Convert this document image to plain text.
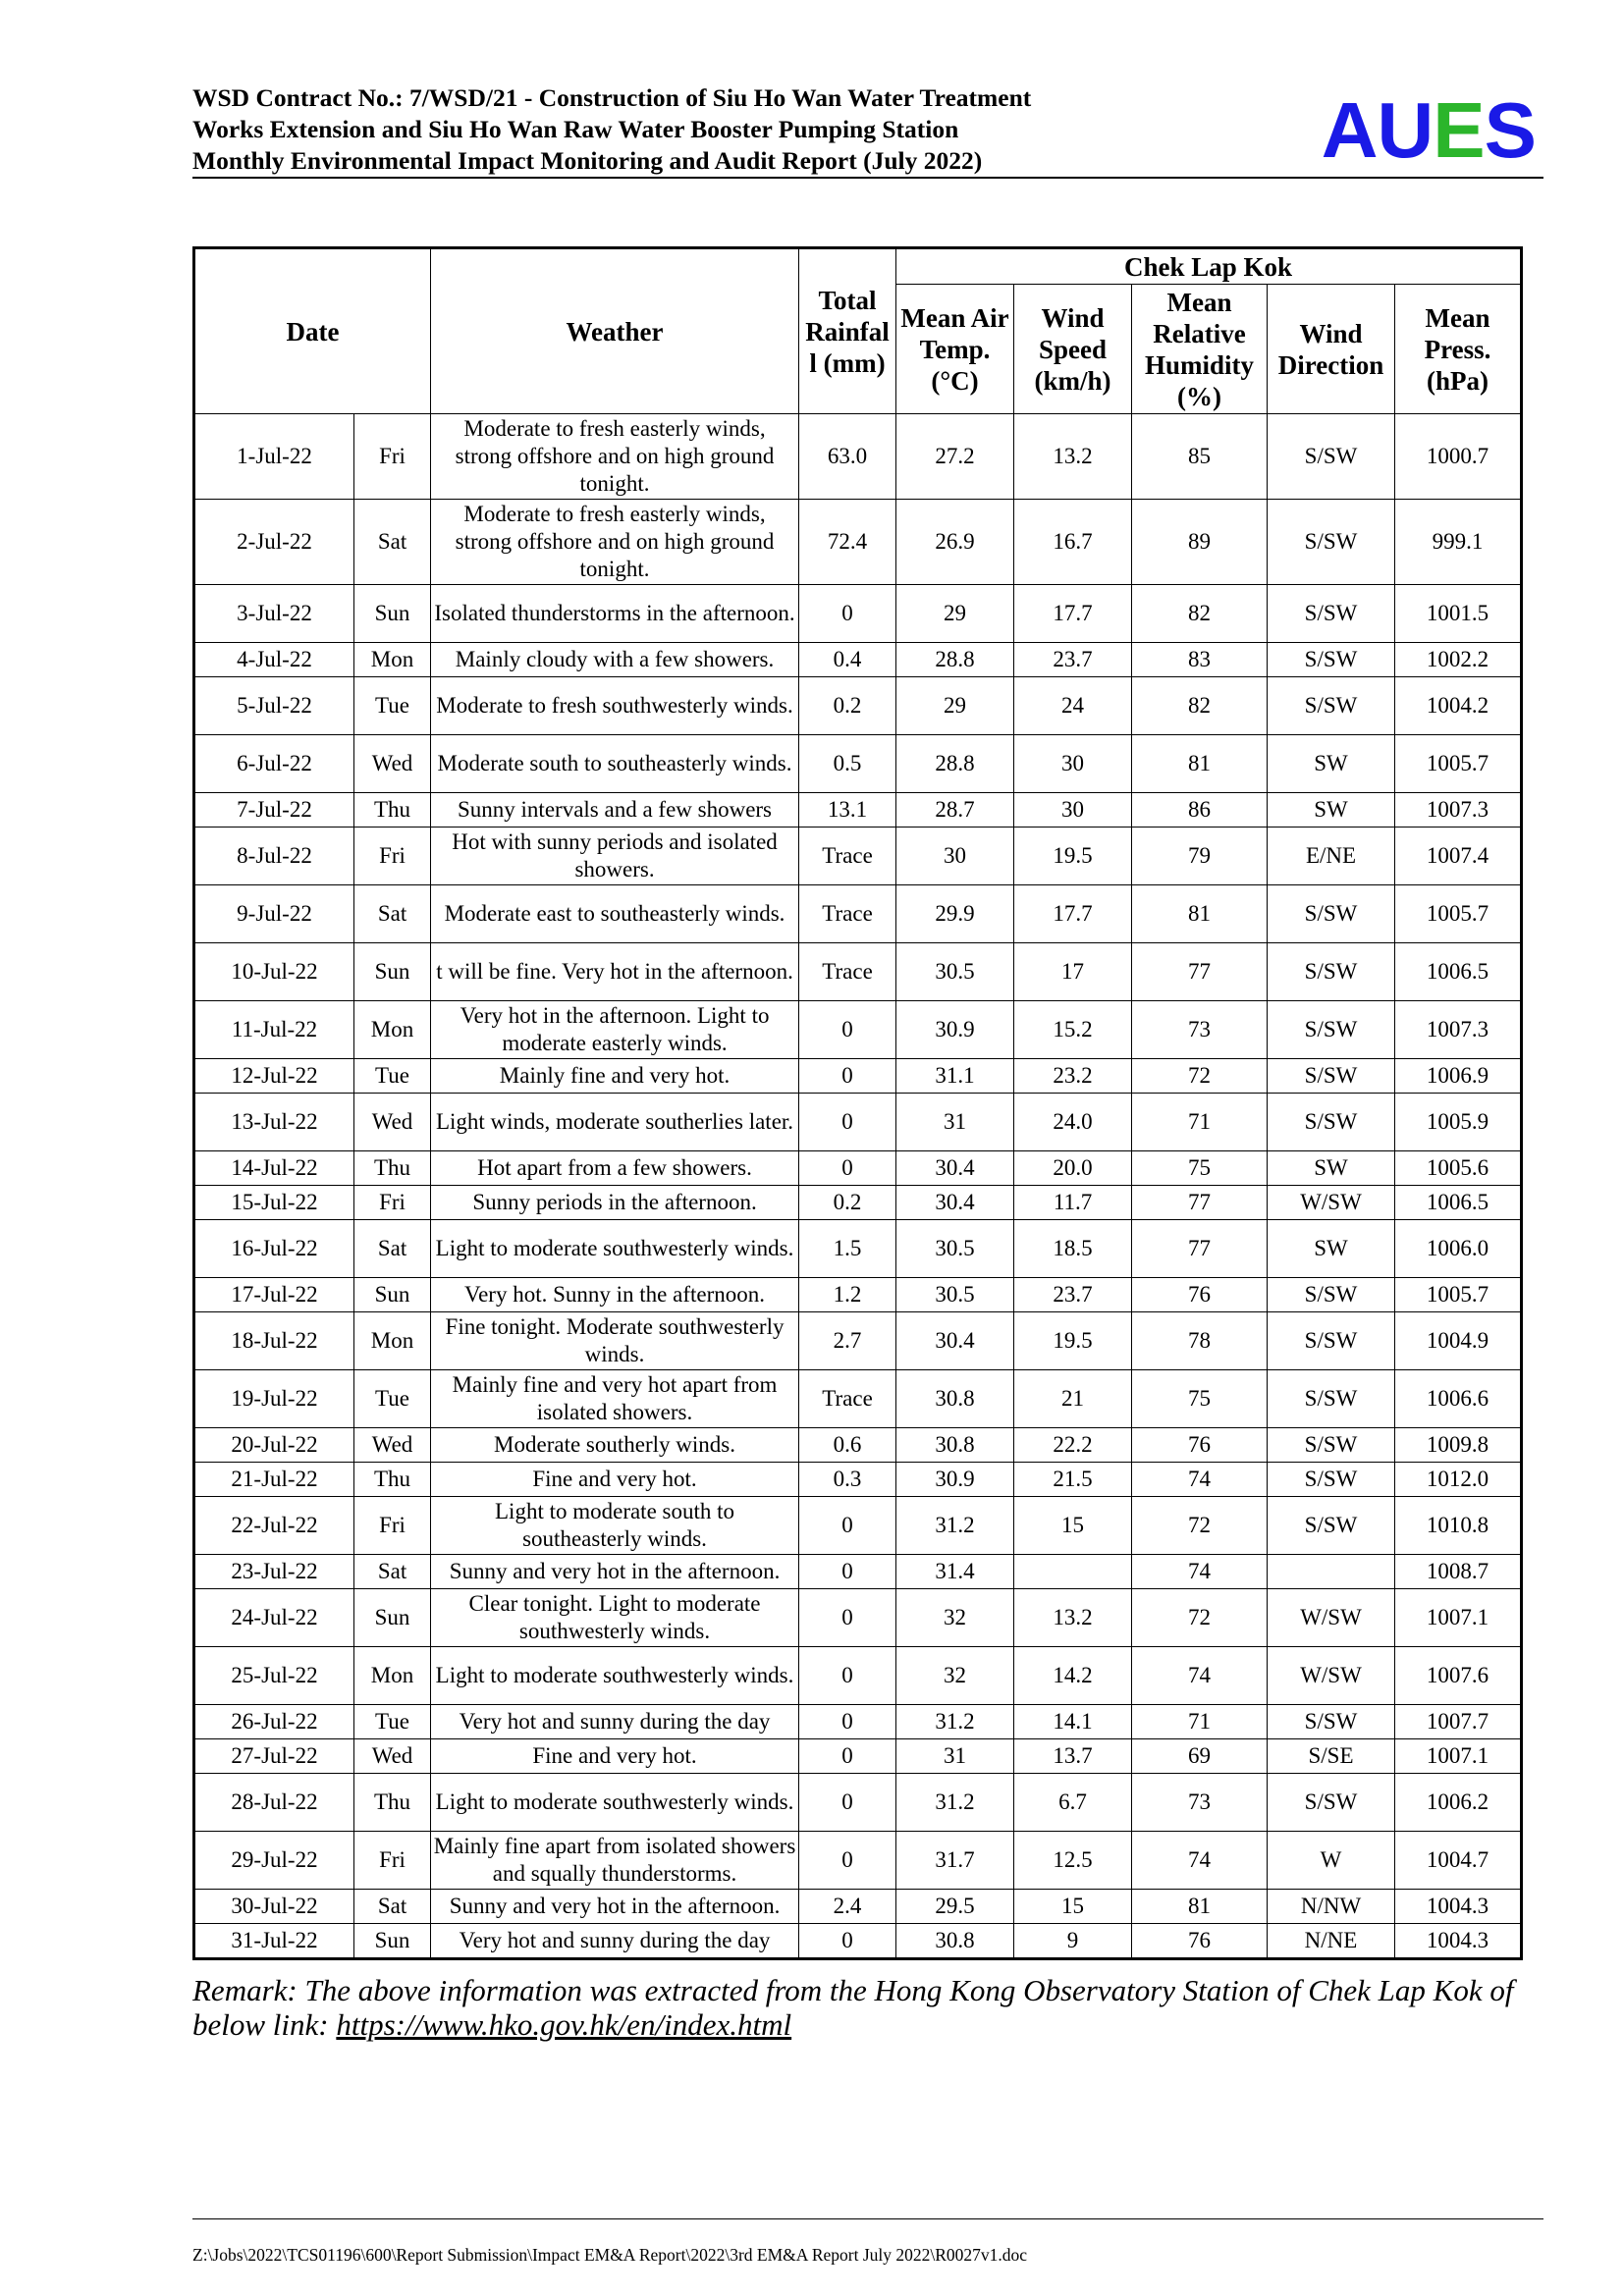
WSD Contract No.: 7/WSD/21 - Construction of Siu Ho Wan Water Treatment
Works Extension and Siu Ho Wan Raw Water Booster Pumping Station
Monthly Environmental Impact Monitoring and Audit Report (July 2022)	AUES
Date		Weather	Total Rainfal l (mm)	Chek Lap Kok				
				Mean Air Temp. (°C)	Wind Speed (km/h)	Mean Relative Humidity (%)	Wind Direction	Mean Press. (hPa)
1-Jul-22	Fri	Moderate to fresh easterly winds, strong offshore and on high ground tonight.	63.0	27.2	13.2	85	S/SW	1000.7
2-Jul-22	Sat	Moderate to fresh easterly winds, strong offshore and on high ground tonight.	72.4	26.9	16.7	89	S/SW	999.1
3-Jul-22	Sun	Isolated thunderstorms in the afternoon.	0	29	17.7	82	S/SW	1001.5
4-Jul-22	Mon	Mainly cloudy with a few showers.	0.4	28.8	23.7	83	S/SW	1002.2
5-Jul-22	Tue	Moderate to fresh southwesterly winds.	0.2	29	24	82	S/SW	1004.2
6-Jul-22	Wed	Moderate south to southeasterly winds.	0.5	28.8	30	81	SW	1005.7
7-Jul-22	Thu	Sunny intervals and a few showers	13.1	28.7	30	86	SW	1007.3
8-Jul-22	Fri	Hot with sunny periods and isolated showers.	Trace	30	19.5	79	E/NE	1007.4
9-Jul-22	Sat	Moderate east to southeasterly winds.	Trace	29.9	17.7	81	S/SW	1005.7
10-Jul-22	Sun	t will be fine. Very hot in the afternoon.	Trace	30.5	17	77	S/SW	1006.5
11-Jul-22	Mon	Very hot in the afternoon. Light to moderate easterly winds.	0	30.9	15.2	73	S/SW	1007.3
12-Jul-22	Tue	Mainly fine and very hot.	0	31.1	23.2	72	S/SW	1006.9
13-Jul-22	Wed	Light winds, moderate southerlies later.	0	31	24.0	71	S/SW	1005.9
14-Jul-22	Thu	Hot apart from a few showers.	0	30.4	20.0	75	SW	1005.6
15-Jul-22	Fri	Sunny periods in the afternoon.	0.2	30.4	11.7	77	W/SW	1006.5
16-Jul-22	Sat	Light to moderate southwesterly winds.	1.5	30.5	18.5	77	SW	1006.0
17-Jul-22	Sun	Very hot. Sunny in the afternoon.	1.2	30.5	23.7	76	S/SW	1005.7
18-Jul-22	Mon	Fine tonight. Moderate southwesterly winds.	2.7	30.4	19.5	78	S/SW	1004.9
19-Jul-22	Tue	Mainly fine and very hot apart from isolated showers.	Trace	30.8	21	75	S/SW	1006.6
20-Jul-22	Wed	Moderate southerly winds.	0.6	30.8	22.2	76	S/SW	1009.8
21-Jul-22	Thu	Fine and very hot.	0.3	30.9	21.5	74	S/SW	1012.0
22-Jul-22	Fri	Light to moderate south to southeasterly winds.	0	31.2	15	72	S/SW	1010.8
23-Jul-22	Sat	Sunny and very hot in the afternoon.	0	31.4		74		1008.7
24-Jul-22	Sun	Clear tonight. Light to moderate southwesterly winds.	0	32	13.2	72	W/SW	1007.1
25-Jul-22	Mon	Light to moderate southwesterly winds.	0	32	14.2	74	W/SW	1007.6
26-Jul-22	Tue	Very hot and sunny during the day	0	31.2	14.1	71	S/SW	1007.7
27-Jul-22	Wed	Fine and very hot.	0	31	13.7	69	S/SE	1007.1
28-Jul-22	Thu	Light to moderate southwesterly winds.	0	31.2	6.7	73	S/SW	1006.2
29-Jul-22	Fri	Mainly fine apart from isolated showers and squally thunderstorms.	0	31.7	12.5	74	W	1004.7
30-Jul-22	Sat	Sunny and very hot in the afternoon.	2.4	29.5	15	81	N/NW	1004.3
31-Jul-22	Sun	Very hot and sunny during the day	0	30.8	9	76	N/NE	1004.3
Remark: The above information was extracted from the Hong Kong Observatory Station of Chek Lap Kok of below link: https://www.hko.gov.hk/en/index.html
Z:\Jobs\2022\TCS01196\600\Report Submission\Impact EM&A Report\2022\3rd EM&A Report July 2022\R0027v1.doc
